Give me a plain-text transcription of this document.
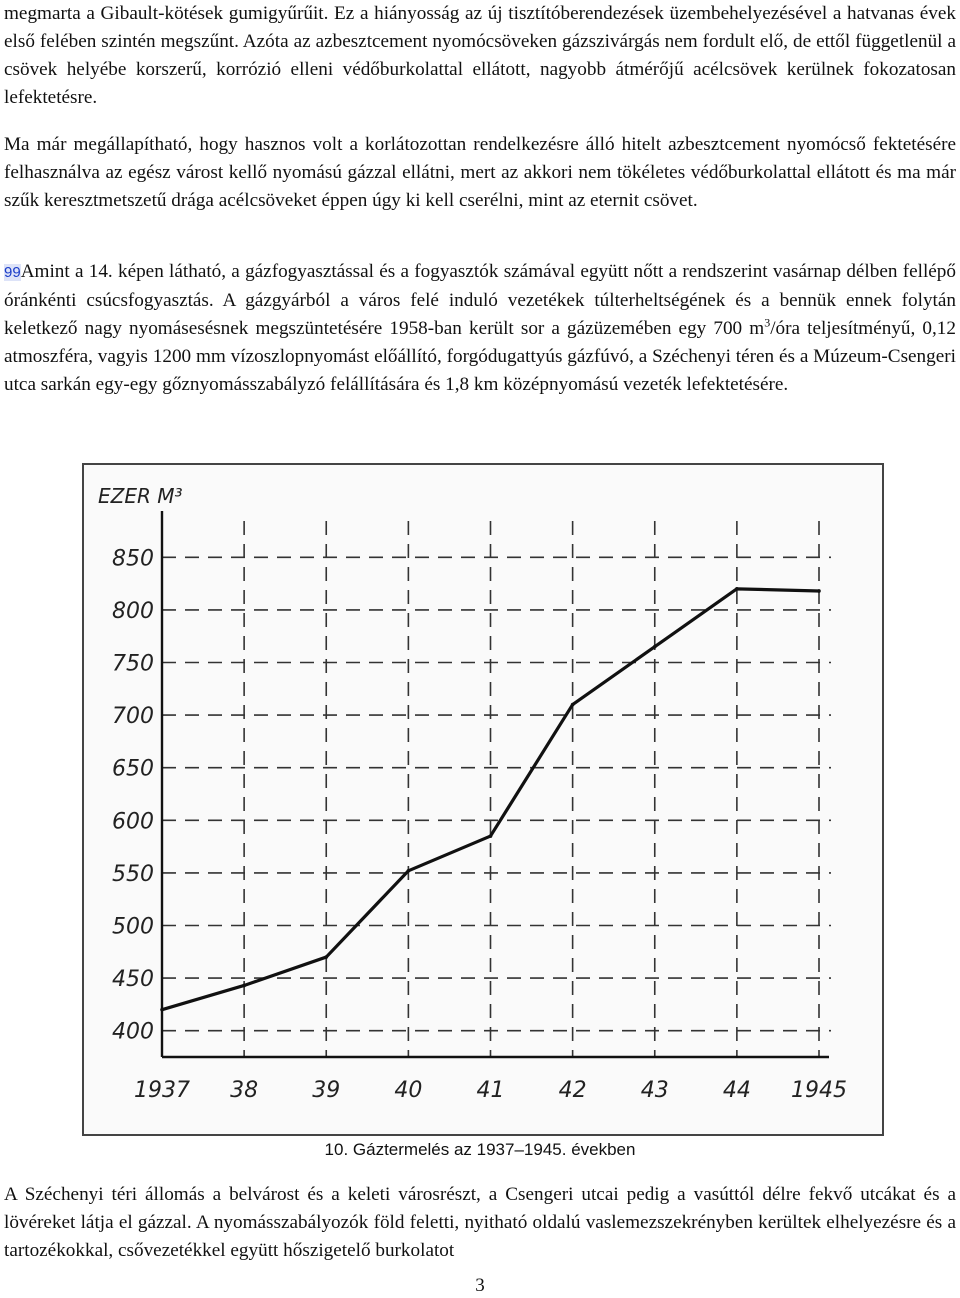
megmarta a Gibault-kötések gumigyűrűit. Ez a hiányosság az új tisztítóberendezések üzembehelyezésével a hatvanas évek első felében szintén megszűnt. Azóta az azbesztcement nyomócsöveken gázszivárgás nem fordult elő, de ettől függetlenül a csövek helyébe korszerű, korrózió elleni védőburkolattal ellátott, nagyobb átmérőjű acélcsövek kerülnek fokozatosan lefektetésre.

Ma már megállapítható, hogy hasznos volt a korlátozottan rendelkezésre álló hitelt azbesztcement nyomócső fektetésére felhasználva az egész várost kellő nyomású gázzal ellátni, mert az akkori nem tökéletes védőburkolattal ellátott és ma már szűk keresztmetszetű drága acélcsöveket éppen úgy ki kell cserélni, mint az eternit csövet.

99Amint a 14. képen látható, a gázfogyasztással és a fogyasztók számával együtt nőtt a rendszerint vasárnap délben fellépő óránkénti csúcsfogyasztás. A gázgyárból a város felé induló vezetékek túlterheltségének és a bennük ennek folytán keletkező nagy nyomásesésnek megszüntetésére 1958-ban került sor a gázüzemében egy 700 $m^3$/óra teljesítményű, 0,12 atmoszféra, vagyis 1200 mm vízoszlopnyomást előállító, forgódugattyús gázfúvó, a Széchenyi téren és a Múzeum-Csengeri utca sarkán egy-egy gőznyomásszabályzó felállítására és 1,8 km középnyomású vezeték lefektetésére.

850
800
750
700
650
600
550
500
450
400
1937 38 39 40 41 42 43 44 1945
EZER M³
10. Gáztermelés az 1937–1945. években

A Széchenyi téri állomás a belvárost és a keleti városrészt, a Csengeri utcai pedig a vasúttól délre fekvő utcákat és a lövéreket látja el gázzal. A nyomásszabályozók föld feletti, nyitható oldalú vaslemezszekrényben kerültek elhelyezésre és a tartozékokkal, csővezetékkel együtt hőszigetelő burkolatot

3
